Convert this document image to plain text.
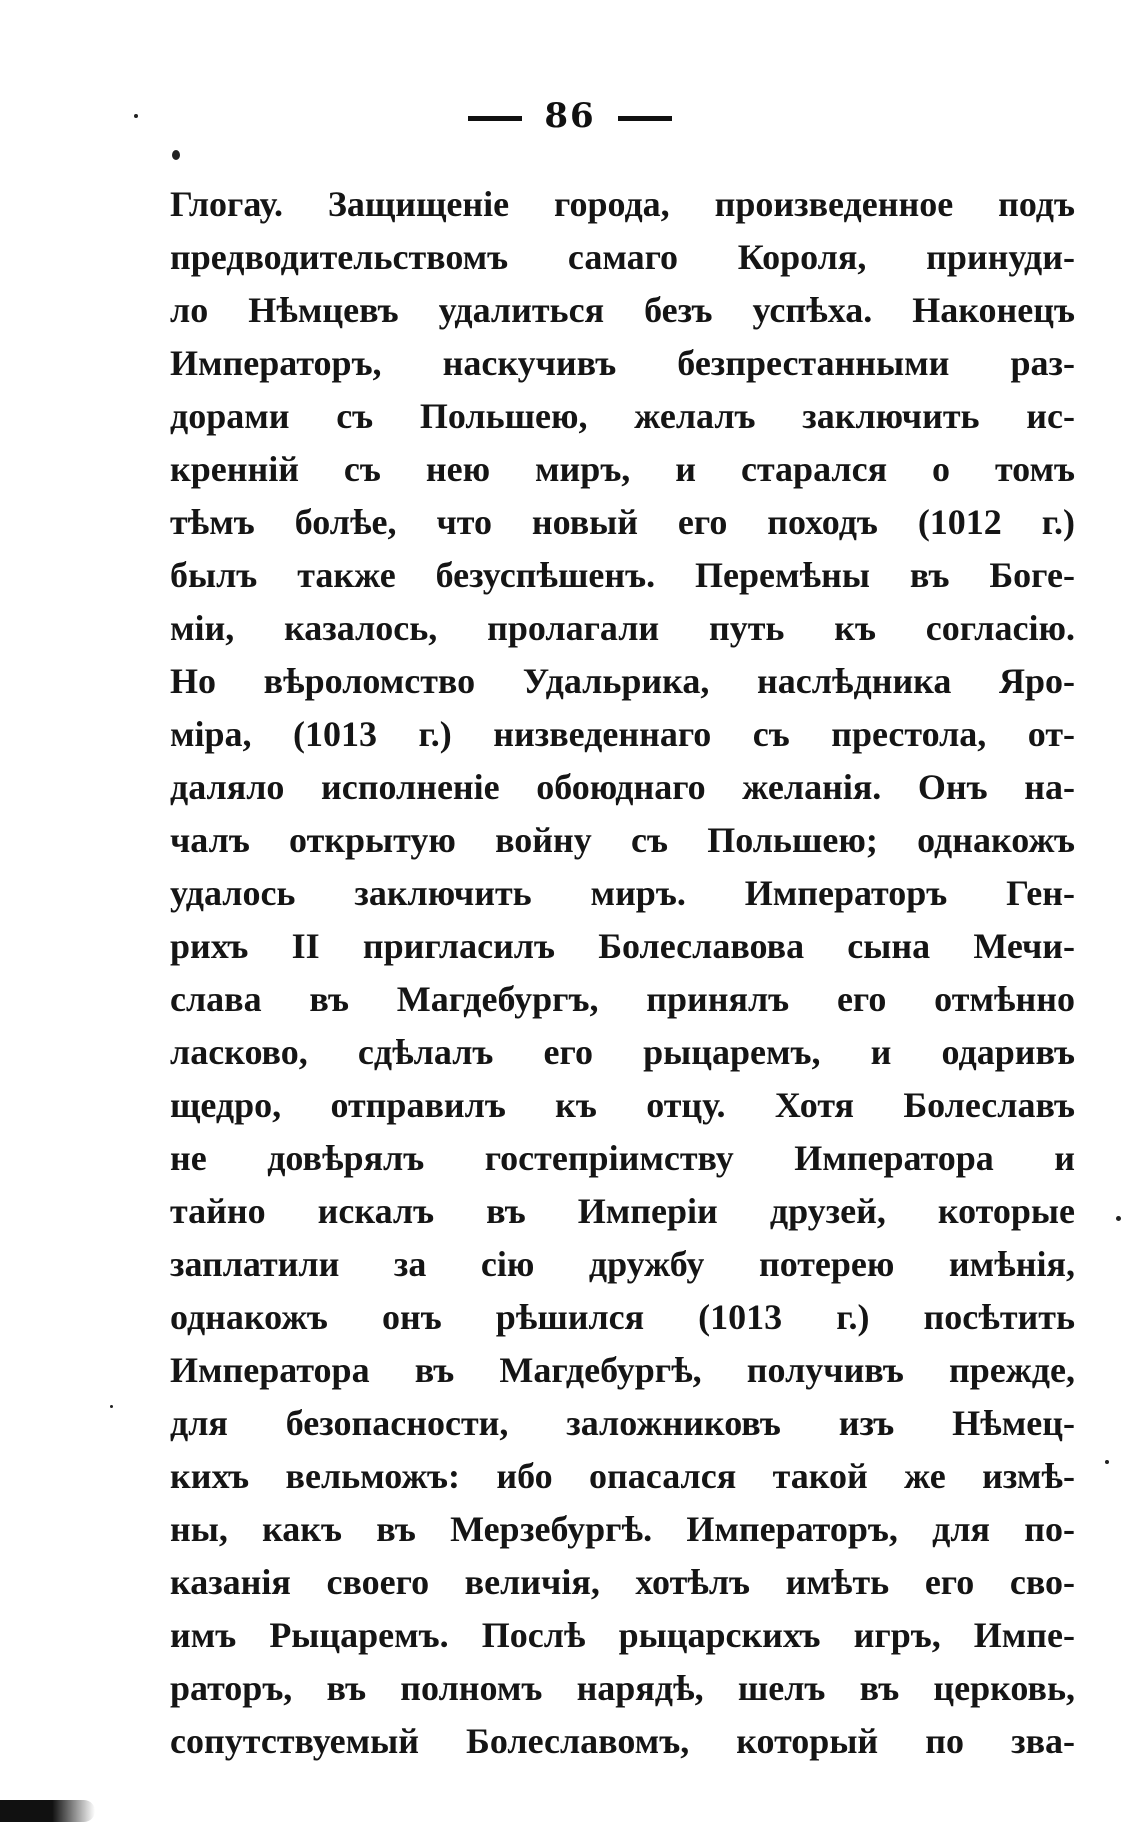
86
Глогау. Защищеніе города, произведенное подъ
предводительствомъ самаго Короля, принуди-
ло Нѣмцевъ удалиться безъ успѣха. Наконецъ
Императоръ, наскучивъ безпрестанными раз-
дорами съ Польшею, желалъ заключить ис-
кренній съ нею миръ, и старался о томъ
тѣмъ болѣе, что новый его походъ (1012 г.)
былъ также безуспѣшенъ. Перемѣны въ Боге-
міи, казалось, пролагали путь къ согласію.
Но вѣроломство Удальрика, наслѣдника Яро-
міра, (1013 г.) низведеннаго съ престола, от-
даляло исполненіе обоюднаго желанія. Онъ на-
чалъ открытую войну съ Польшею; однакожъ
удалось заключить миръ. Императоръ Ген-
рихъ II пригласилъ Болеславова сына Мечи-
слава въ Магдебургъ, принялъ его отмѣнно
ласково, сдѣлалъ его рыцаремъ, и одаривъ
щедро, отправилъ къ отцу. Хотя Болеславъ
не довѣрялъ гостепріимству Императора и
тайно искалъ въ Имперіи друзей, которые
заплатили за сію дружбу потерею имѣнія,
однакожъ онъ рѣшился (1013 г.) посѣтить
Императора въ Магдебургѣ, получивъ прежде,
для безопасности, заложниковъ изъ Нѣмец-
кихъ вельможъ: ибо опасался такой же измѣ-
ны, какъ въ Мерзебургѣ. Императоръ, для по-
казанія своего величія, хотѣлъ имѣть его сво-
имъ Рыцаремъ. Послѣ рыцарскихъ игръ, Импе-
раторъ, въ полномъ нарядѣ, шелъ въ церковь,
сопутствуемый Болеславомъ, который по зва-
